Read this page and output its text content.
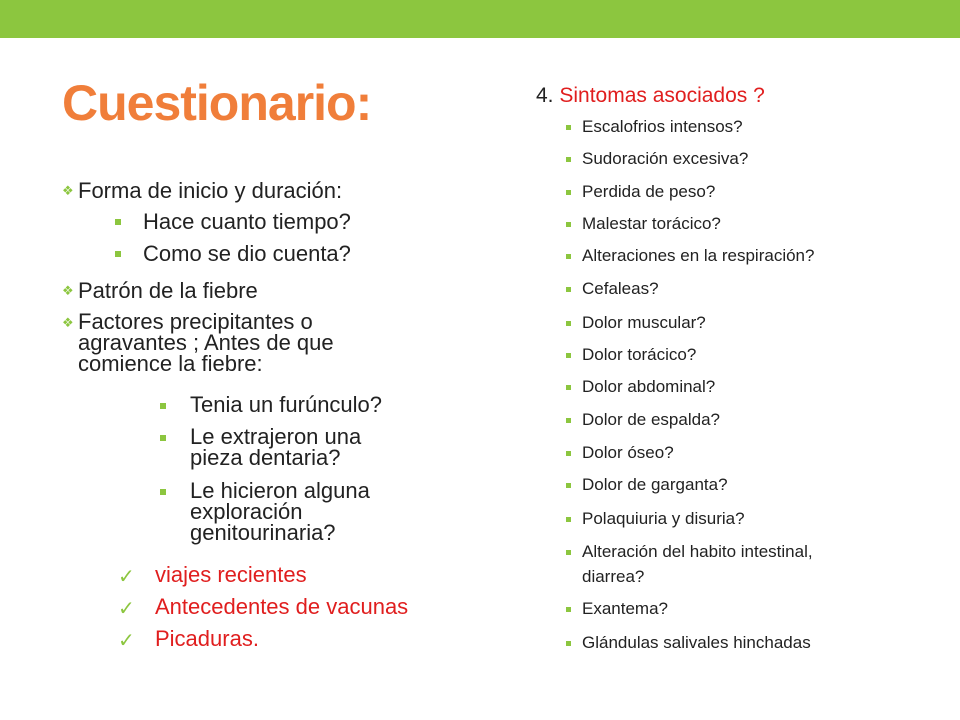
Cuestionario:
❖ Forma de inicio y duración:
Hace cuanto tiempo?
Como se dio cuenta?
❖ Patrón de la fiebre
❖ Factores precipitantes o
agravantes ; Antes de que
comience la fiebre:
Tenia un furúnculo?
Le extrajeron una
pieza dentaria?
Le hicieron alguna
exploración
genitourinaria?
✓ viajes recientes
✓ Antecedentes de vacunas
✓ Picaduras.
4. Sintomas asociados ?
Escalofrios intensos?
Sudoración excesiva?
Perdida de peso?
Malestar torácico?
Alteraciones en la respiración?
Cefaleas?
Dolor muscular?
Dolor torácico?
Dolor abdominal?
Dolor de espalda?
Dolor óseo?
Dolor de garganta?
Polaquiuria y disuria?
Alteración del habito intestinal,
diarrea?
Exantema?
Glándulas salivales hinchadas
